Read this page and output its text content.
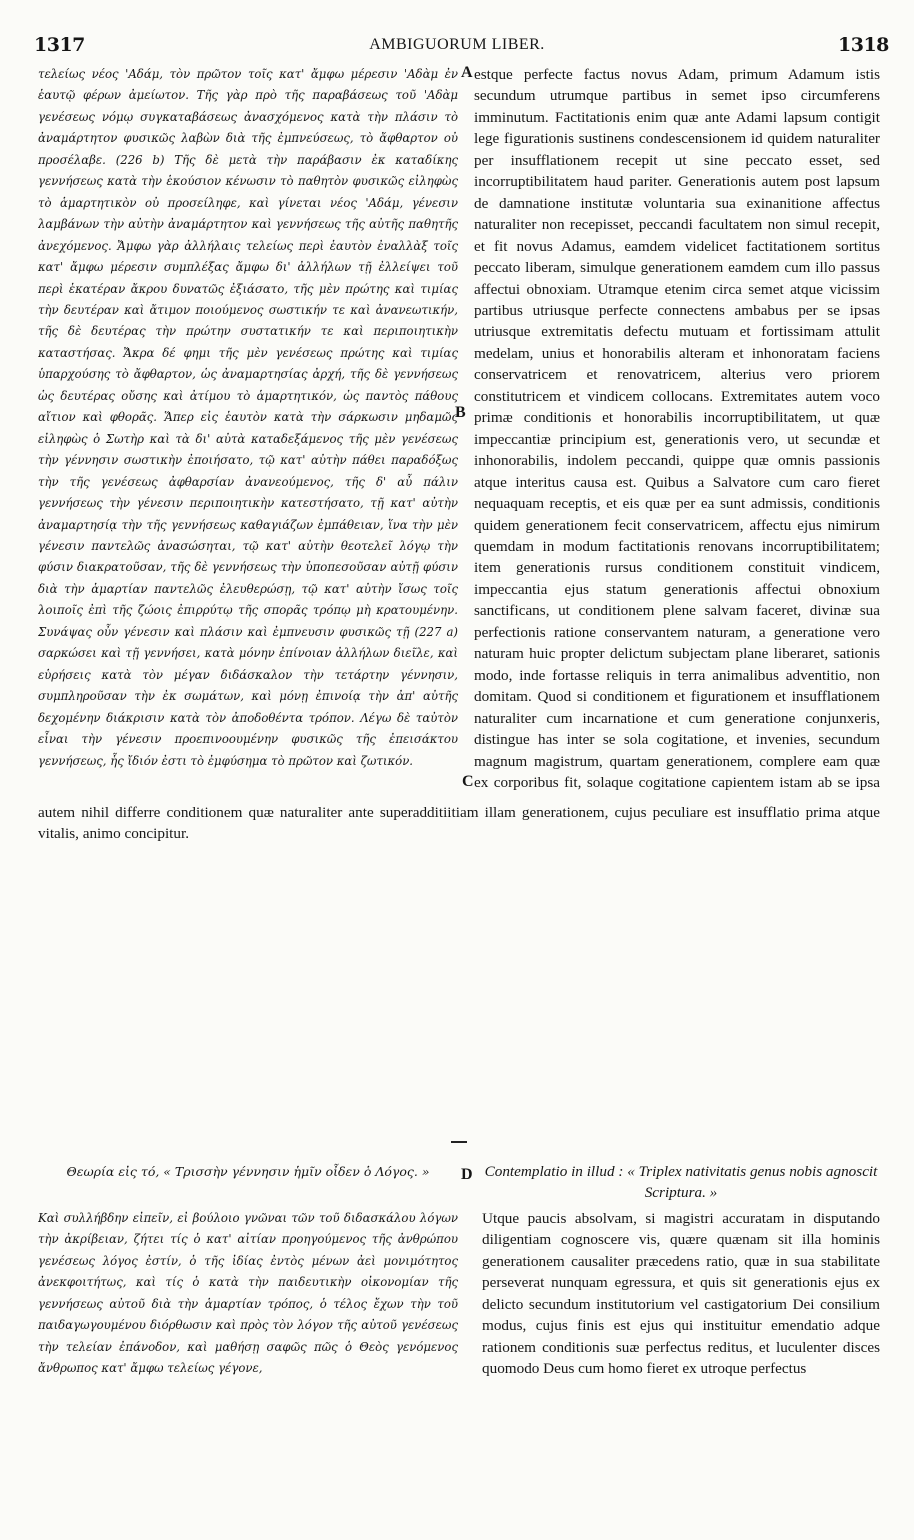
1317	AMBIGUORUM LIBER.	1318

τελείως νέος 'Αδάμ, τὸν πρῶτον τοῖς κατ' ἄμφω μέρεσιν 'Αδὰμ ἐν ἑαυτῷ φέρων ἀμείωτον. Τῆς γὰρ πρὸ τῆς παραβάσεως τοῦ 'Αδὰμ γενέσεως νόμῳ συγκαταβάσεως ἀνασχόμενος κατὰ τὴν πλάσιν τὸ ἀναμάρτητον φυσικῶς λαβὼν διὰ τῆς ἐμπνεύσεως, τὸ ἄφθαρτον οὐ προσέλαβε. (226 b) Τῆς δὲ μετὰ τὴν παράβασιν ἐκ καταδίκης γεννήσεως κατὰ τὴν ἑκούσιον κένωσιν τὸ παθητὸν φυσικῶς εἰληφὼς τὸ ἁμαρτητικὸν οὐ προσείληφε, καὶ γίνεται νέος 'Αδάμ, γένεσιν λαμβάνων τὴν αὐτὴν ἀναμάρτητον καὶ γεννήσεως τῆς αὐτῆς παθητῆς ἀνεχόμενος. Ἄμφω γὰρ ἀλλήλαις τελείως περὶ ἑαυτὸν ἐναλλὰξ τοῖς κατ' ἄμφω μέρεσιν συμπλέξας ἄμφω δι' ἀλλήλων τῇ ἐλλείψει τοῦ περὶ ἑκατέραν ἄκρου δυνατῶς ἐξιάσατο, τῆς μὲν πρώτης καὶ τιμίας τὴν δευτέραν καὶ ἄτιμον ποιούμενος σωστικήν τε καὶ ἀνανεωτικήν, τῆς δὲ δευτέρας τὴν πρώτην συστατικήν τε καὶ περιποιητικὴν καταστήσας. Ἄκρα δέ φημι τῆς μὲν γενέσεως πρώτης καὶ τιμίας ὑπαρχούσης τὸ ἄφθαρτον, ὡς ἀναμαρτησίας ἀρχή, τῆς δὲ γεννήσεως ὡς δευτέρας οὔσης καὶ ἀτίμου τὸ ἁμαρτητικόν, ὡς παντὸς πάθους αἴτιον καὶ φθορᾶς. Ἅπερ εἰς ἑαυτὸν κατὰ τὴν σάρκωσιν μηδαμῶς εἰληφὼς ὁ Σωτὴρ καὶ τὰ δι' αὐτὰ καταδεξάμενος τῆς μὲν γενέσεως τὴν γέννησιν σωστικὴν ἐποιήσατο, τῷ κατ' αὐτὴν πάθει παραδόξως τὴν τῆς γενέσεως ἀφθαρσίαν ἀνανεούμενος, τῆς δ' αὖ πάλιν γεννήσεως τὴν γένεσιν περιποιητικὴν κατεστήσατο, τῇ κατ' αὐτὴν ἀναμαρτησίᾳ τὴν τῆς γεννήσεως καθαγιάζων ἐμπάθειαν, ἵνα τὴν μὲν γένεσιν παντελῶς ἀνασώσηται, τῷ κατ' αὐτὴν θεοτελεῖ λόγῳ τὴν φύσιν διακρατοῦσαν, τῆς δὲ γεννήσεως τὴν ὑποπεσοῦσαν αὐτῇ φύσιν διὰ τὴν ἁμαρτίαν παντελῶς ἐλευθερώσῃ, τῷ κατ' αὐτὴν ἴσως τοῖς λοιποῖς ἐπὶ τῆς ζώοις ἐπιρρύτῳ τῆς σπορᾶς τρόπῳ μὴ κρατουμένην. Συνάψας οὖν γένεσιν καὶ πλάσιν καὶ ἐμπνευσιν φυσικῶς τῇ (227 a) σαρκώσει καὶ τῇ γεννήσει, κατὰ μόνην ἐπίνοιαν ἀλλήλων διεῖλε, καὶ εὑρήσεις κατὰ τὸν μέγαν διδάσκαλον τὴν τετάρτην γέννησιν, συμπληροῦσαν τὴν ἐκ σωμάτων, καὶ μόνῃ ἐπινοίᾳ τὴν ἀπ' αὐτῆς δεχομένην διάκρισιν κατὰ τὸν ἀποδοθέντα τρόπον. Λέγω δὲ ταὐτὸν εἶναι τὴν γένεσιν προεπινοουμένην φυσικῶς τῆς ἐπεισάκτου γεννήσεως, ἧς ἴδιόν ἐστι τὸ ἐμφύσημα τὸ πρῶτον καὶ ζωτικόν.

estque perfecte factus novus Adam, primum Adamum istis secundum utrumque partibus in semet ipso circumferens imminutum. Factitationis enim quæ ante Adami lapsum contigit lege figurationis sustinens condescensionem id quidem naturaliter per insufflationem recepit ut sine peccato esset, sed incorruptibilitatem haud pariter. Generationis autem post lapsum de damnatione institutæ voluntaria sua exinanitione affectus naturaliter non recepisset, peccandi facultatem non simul recepit, et fit novus Adamus, eamdem videlicet factitationem sortitus peccato liberam, simulque generationem eamdem cum illo passus affectui obnoxiam. Utramque etenim circa semet atque vicissim partibus utriusque perfecte connectens ambabus per se ipsas utriusque extremitatis defectu mutuam et fortissimam attulit medelam, unius et honorabilis alteram et inhonoratam faciens conservatricem et renovatricem, alterius vero priorem constitutricem et vindicem collocans. Extremitates autem voco primæ conditionis et honorabilis incorruptibilitatem, ut quæ impeccantiæ principium est, generationis vero, ut secundæ et inhonorabilis, indolem peccandi, quippe quæ omnis passionis atque interitus causa est. Quibus a Salvatore cum caro fieret nequaquam receptis, et eis quæ per ea sunt admissis, conditionis quidem generationem fecit conservatricem, affectu ejus nimirum quemdam in modum factitationis renovans incorruptibilitatem; item generationis rursus conditionem constituit vindicem, impeccantia ejus statum generationis affectui obnoxium sanctificans, ut conditionem plene salvam faceret, divinæ sua perfectionis ratione conservantem naturam, a generatione vero naturam huic propter delictum subjectam plane liberaret, sationis modo, inde fortasse reliquis in terra animalibus adventitio, non domitam. Quod si conditionem et figurationem et insufflationem naturaliter cum incarnatione et cum generatione conjunxeris, distingue has inter se sola cogitatione, et invenies, secundum magnum magistrum, quartam generationem, complere eam quæ ex corporibus fit, solaque cogitatione capientem istam ab se ipsa

autem nihil differre conditionem quæ naturaliter ante superadditiitiam illam generationem, cujus peculiare est insufflatio prima atque vitalis, animo concipitur.

A
B
C
D
Θεωρία εἰς τό, « Τρισσὴν γέννησιν ἡμῖν οἶδεν ὁ Λόγος. »	Contemplatio in illud : « Triplex nativitatis genus nobis agnoscit Scriptura. »

Καὶ συλλήβδην εἰπεῖν, εἰ βούλοιο γνῶναι τῶν τοῦ διδασκάλου λόγων τὴν ἀκρίβειαν, ζήτει τίς ὁ κατ' αἰτίαν προηγούμενος τῆς ἀνθρώπου γενέσεως λόγος ἐστίν, ὁ τῆς ἰδίας ἐντὸς μένων ἀεὶ μονιμότητος ἀνεκφοιτήτως, καὶ τίς ὁ κατὰ τὴν παιδευτικὴν οἰκονομίαν τῆς γεννήσεως αὐτοῦ διὰ τὴν ἁμαρτίαν τρόπος, ὁ τέλος ἔχων τὴν τοῦ παιδαγωγουμένου διόρθωσιν καὶ πρὸς τὸν λόγον τῆς αὐτοῦ γενέσεως τὴν τελείαν ἐπάνοδον, καὶ μαθήσῃ σαφῶς πῶς ὁ Θεὸς γενόμενος ἄνθρωπος κατ' ἄμφω τελείως γέγονε,

Utque paucis absolvam, si magistri accuratam in disputando diligentiam cognoscere vis, quære quænam sit illa hominis generationem causaliter præcedens ratio, quæ in sua stabilitate perseverat nunquam egressura, et quis sit generationis ejus ex delicto secundum institutorium vel castigatorium Dei consilium modus, cujus finis est ejus qui instituitur emendatio adque rationem conditionis suæ perfectus reditus, et luculenter disces quomodo Deus cum homo fieret ex utroque perfectus
